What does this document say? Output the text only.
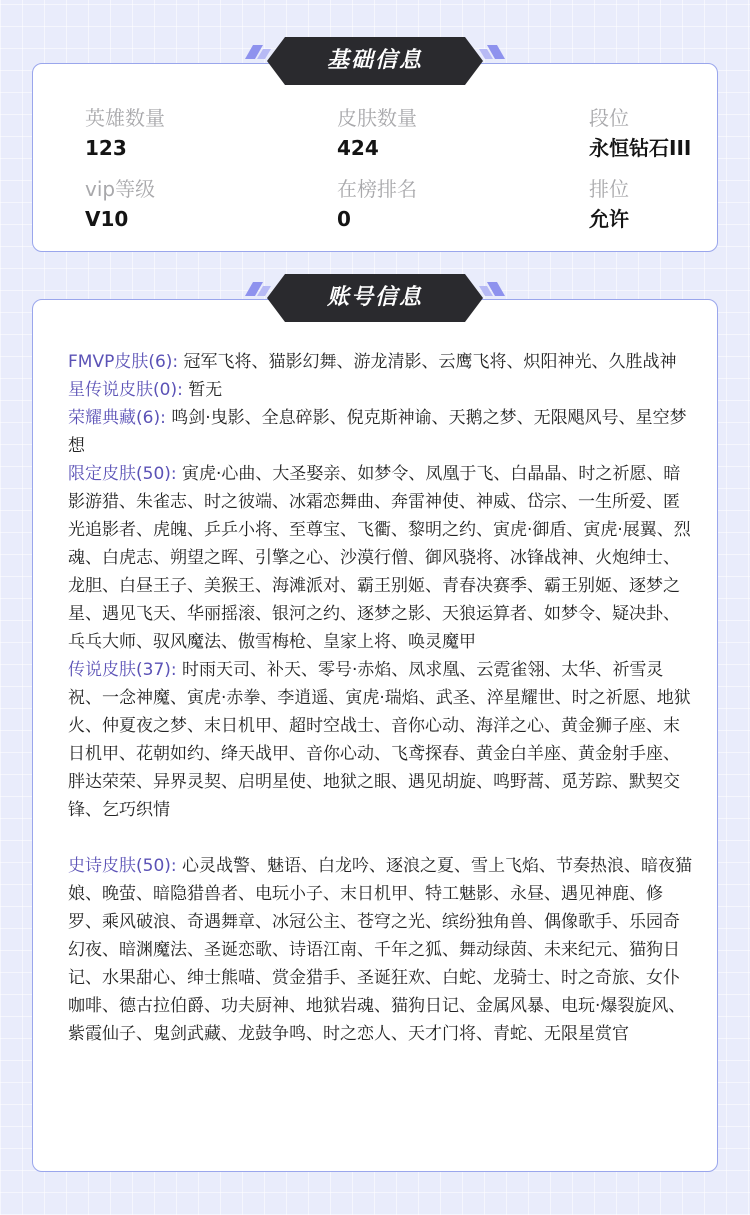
基础信息
英雄数量
123
皮肤数量
424
段位
永恒钻石III
vip等级
V10
在榜排名
0
排位
允许
账号信息

FMVP皮肤(6): 冠军飞将、猫影幻舞、游龙清影、云鹰飞将、炽阳神光、久胜战神

星传说皮肤(0): 暂无

荣耀典藏(6): 鸣剑·曳影、全息碎影、倪克斯神谕、天鹅之梦、无限飓风号、星空梦想

限定皮肤(50): 寅虎·心曲、大圣娶亲、如梦令、凤凰于飞、白晶晶、时之祈愿、暗影游猎、朱雀志、时之彼端、冰霜恋舞曲、奔雷神使、神威、岱宗、一生所爱、匿光追影者、虎魄、乒乒小将、至尊宝、飞衢、黎明之约、寅虎·御盾、寅虎·展翼、烈魂、白虎志、朔望之晖、引擎之心、沙漠行僧、御风骁将、冰锋战神、火炮绅士、龙胆、白昼王子、美猴王、海滩派对、霸王别姬、青春决赛季、霸王别姬、逐梦之星、遇见飞天、华丽摇滚、银河之约、逐梦之影、天狼运算者、如梦令、疑决卦、乓乓大师、驭风魔法、傲雪梅枪、皇家上将、唤灵魔甲

传说皮肤(37): 时雨天司、补天、零号·赤焰、凤求凰、云霓雀翎、太华、祈雪灵祝、一念神魔、寅虎·赤拳、李逍遥、寅虎·瑞焰、武圣、淬星耀世、时之祈愿、地狱火、仲夏夜之梦、末日机甲、超时空战士、音你心动、海洋之心、黄金狮子座、末日机甲、花朝如约、绛天战甲、音你心动、飞鸢探春、黄金白羊座、黄金射手座、胖达荣荣、异界灵契、启明星使、地狱之眼、遇见胡旋、鸣野蒿、觅芳踪、默契交锋、乞巧织情

史诗皮肤(50): 心灵战警、魅语、白龙吟、逐浪之夏、雪上飞焰、节奏热浪、暗夜猫娘、晚萤、暗隐猎兽者、电玩小子、末日机甲、特工魅影、永昼、遇见神鹿、修罗、乘风破浪、奇遇舞章、冰冠公主、苍穹之光、缤纷独角兽、偶像歌手、乐园奇幻夜、暗渊魔法、圣诞恋歌、诗语江南、千年之狐、舞动绿茵、未来纪元、猫狗日记、水果甜心、绅士熊喵、赏金猎手、圣诞狂欢、白蛇、龙骑士、时之奇旅、女仆咖啡、德古拉伯爵、功夫厨神、地狱岩魂、猫狗日记、金属风暴、电玩·爆裂旋风、紫霞仙子、鬼剑武藏、龙鼓争鸣、时之恋人、天才门将、青蛇、无限星赏官
